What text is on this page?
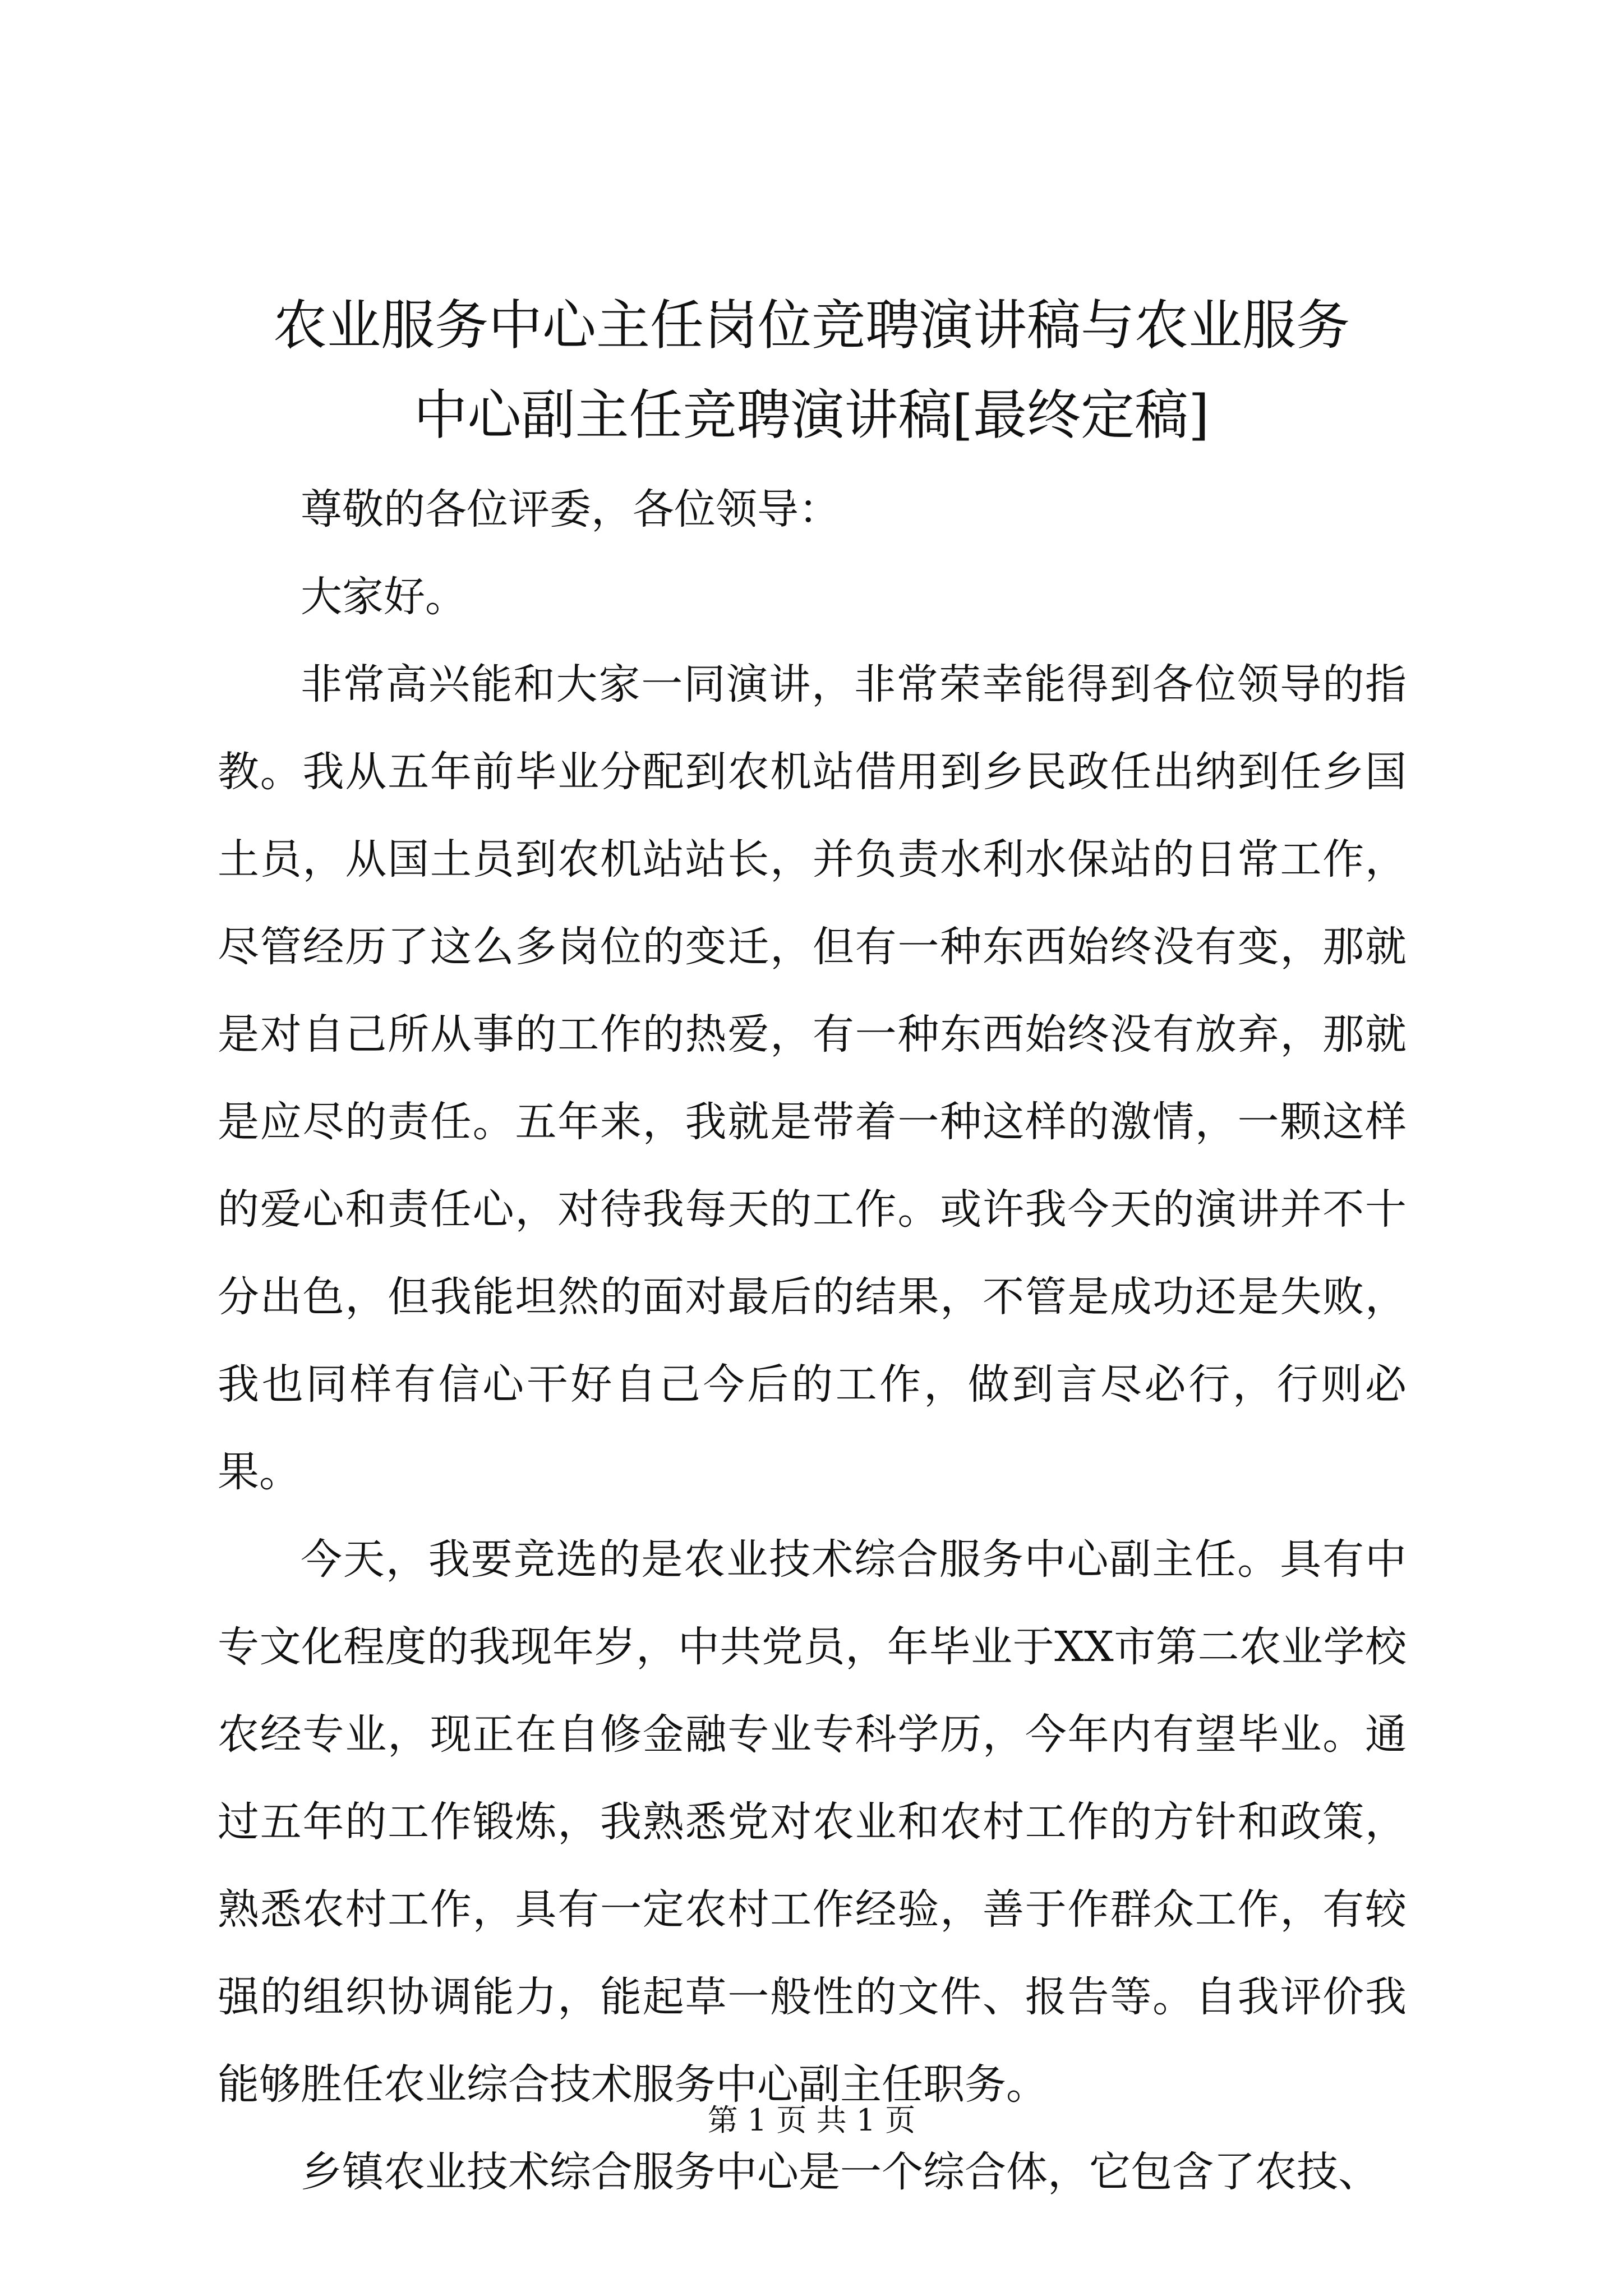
农业服务中心主任岗位竞聘演讲稿与农业服务
中心副主任竞聘演讲稿[最终定稿]

尊敬的各位评委，各位领导：

大家好。

非常高兴能和大家一同演讲，非常荣幸能得到各位领导的指教。我从五年前毕业分配到农机站借用到乡民政任出纳到任乡国土员，从国土员到农机站站长，并负责水利水保站的日常工作，尽管经历了这么多岗位的变迁，但有一种东西始终没有变，那就是对自己所从事的工作的热爱，有一种东西始终没有放弃，那就是应尽的责任。五年来，我就是带着一种这样的激情，一颗这样的爱心和责任心，对待我每天的工作。或许我今天的演讲并不十分出色，但我能坦然的面对最后的结果，不管是成功还是失败，我也同样有信心干好自己今后的工作，做到言尽必行，行则必果。

今天，我要竞选的是农业技术综合服务中心副主任。具有中专文化程度的我现年岁，中共党员，年毕业于XX市第二农业学校农经专业，现正在自修金融专业专科学历，今年内有望毕业。通过五年的工作锻炼，我熟悉党对农业和农村工作的方针和政策，熟悉农村工作，具有一定农村工作经验，善于作群众工作，有较强的组织协调能力，能起草一般性的文件、报告等。自我评价我能够胜任农业综合技术服务中心副主任职务。

乡镇农业技术综合服务中心是一个综合体，它包含了农技、

第 1 页 共 1 页
